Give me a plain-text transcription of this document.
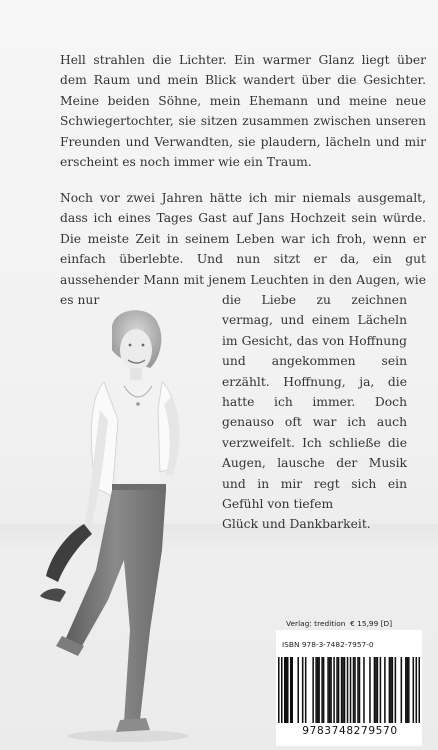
Hell strahlen die Lichter. Ein warmer Glanz liegt über dem Raum und mein Blick wandert über die Gesichter. Meine beiden Söhne, mein Ehemann und meine neue Schwiegertochter, sie sitzen zusammen zwischen unseren Freunden und Verwandten, sie plaudern, lächeln und mir erscheint es noch immer wie ein Traum.
Noch vor zwei Jahren hätte ich mir niemals ausgemalt, dass ich eines Tages Gast auf Jans Hochzeit sein würde. Die meiste Zeit in seinem Leben war ich froh, wenn er einfach überlebte. Und nun sitzt er da, ein gut aussehender Mann mit jenem Leuchten in den Augen, wie es nur	die Liebe zu zeichnen vermag, und einem Lächeln im Gesicht, das von Hoffnung und angekommen sein erzählt. Hoffnung, ja, die hatte ich immer. Doch genauso oft war ich auch verzweifelt. Ich schließe die Augen, lausche der Musik und in mir regt sich ein Gefühl von tiefem
Glück und Dankbarkeit.
Verlag: tredition € 15,99 [D]
ISBN 978-3-7482-7957-0
9783748279570
